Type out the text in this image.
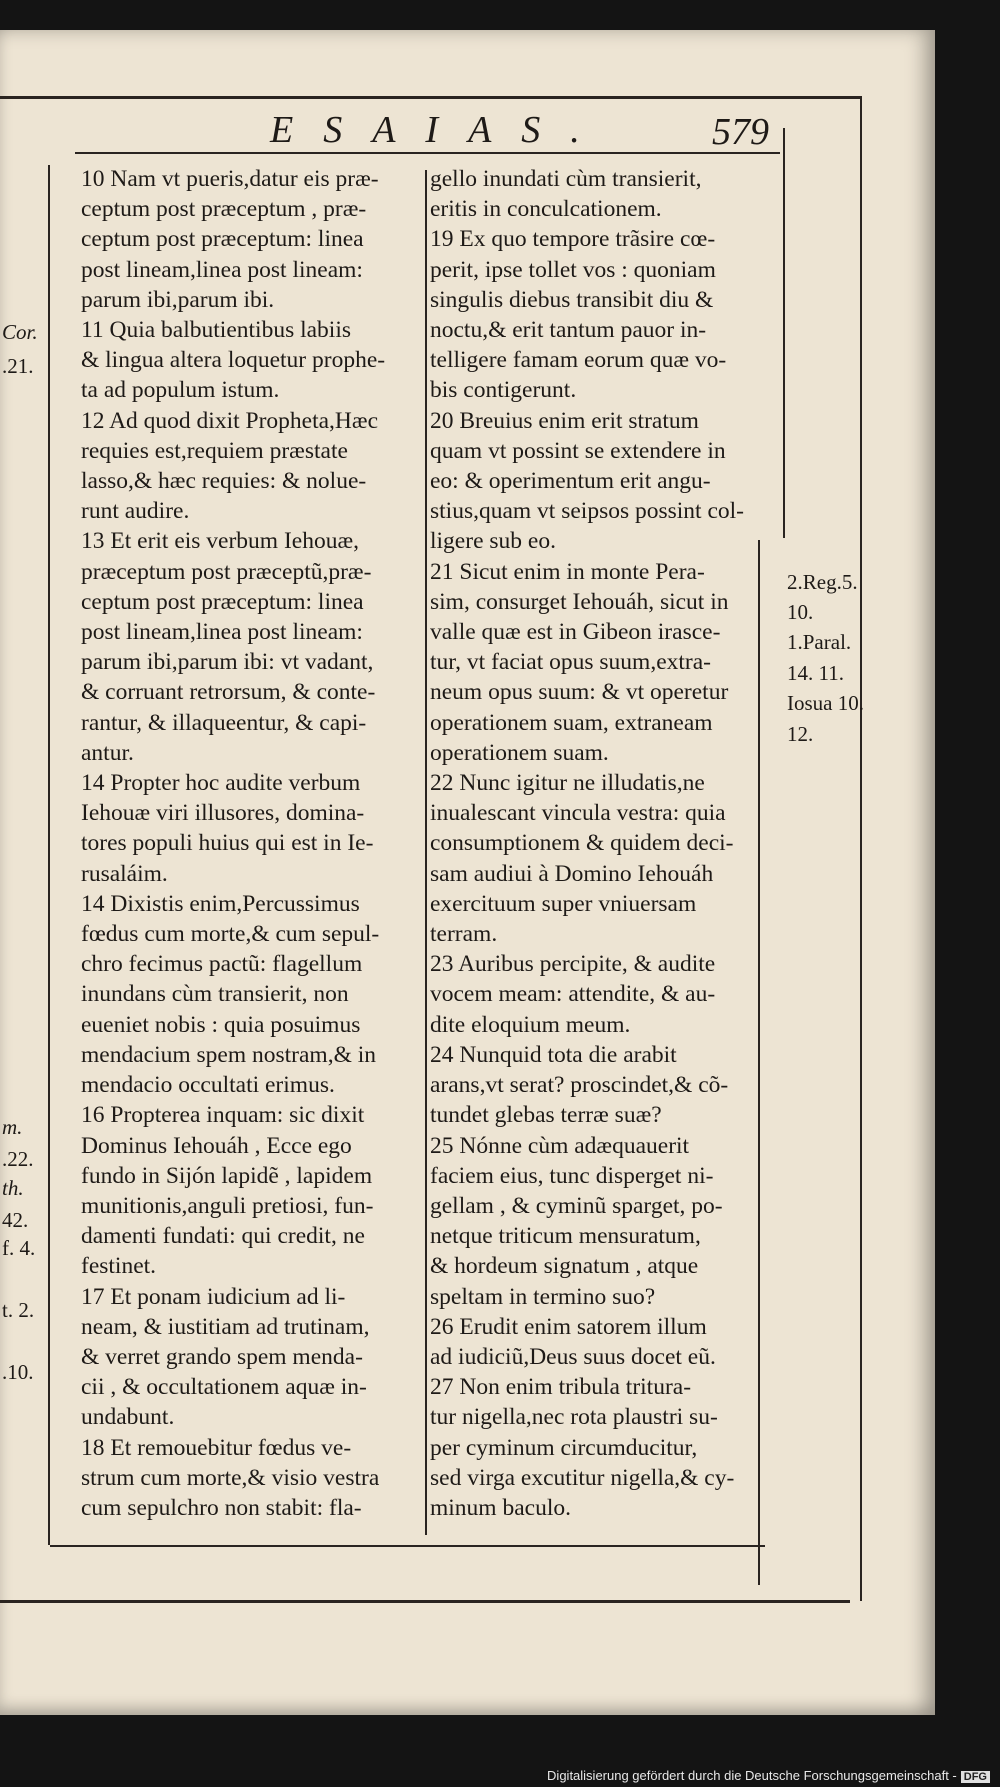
ESAIAS.	579
10 Nam vt pueris,datur eis præ-
ceptum post præceptum , præ-
ceptum post præceptum: linea
post lineam,linea post lineam:
parum ibi,parum ibi.
11 Quia balbutientibus labiis
& lingua altera loquetur prophe-
ta ad populum istum.
12 Ad quod dixit Propheta,Hæc
requies est,requiem præstate
lasso,& hæc requies: & nolue-
runt audire.
13 Et erit eis verbum Iehouæ,
præceptum post præceptũ,præ-
ceptum post præceptum: linea
post lineam,linea post lineam:
parum ibi,parum ibi: vt vadant,
& corruant retrorsum, & conte-
rantur, & illaqueentur, & capi-
antur.
14 Propter hoc audite verbum
Iehouæ viri illusores, domina-
tores populi huius qui est in Ie-
rusaláim.
14 Dixistis enim,Percussimus
fœdus cum morte,& cum sepul-
chro fecimus pactũ: flagellum
inundans cùm transierit, non
eueniet nobis : quia posuimus
mendacium spem nostram,& in
mendacio occultati erimus.
16 Propterea inquam: sic dixit
Dominus Iehouáh , Ecce ego
fundo in Sijón lapidẽ , lapidem
munitionis,anguli pretiosi, fun-
damenti fundati: qui credit, ne
festinet.
17 Et ponam iudicium ad li-
neam, & iustitiam ad trutinam,
& verret grando spem menda-
cii , & occultationem aquæ in-
undabunt.
18 Et remouebitur fœdus ve-
strum cum morte,& visio vestra
cum sepulchro non stabit: fla-
gello inundati cùm transierit,
eritis in conculcationem.
19 Ex quo tempore trãsire cœ-
perit, ipse tollet vos : quoniam
singulis diebus transibit diu &
noctu,& erit tantum pauor in-
telligere famam eorum quæ vo-
bis contigerunt.
20 Breuius enim erit stratum
quam vt possint se extendere in
eo: & operimentum erit angu-
stius,quam vt seipsos possint col-
ligere sub eo.
21 Sicut enim in monte Pera-
sim, consurget Iehouáh, sicut in
valle quæ est in Gibeon irasce-
tur, vt faciat opus suum,extra-
neum opus suum: & vt operetur
operationem suam, extraneam
operationem suam.
22 Nunc igitur ne illudatis,ne
inualescant vincula vestra: quia
consumptionem & quidem deci-
sam audiui à Domino Iehouáh
exercituum super vniuersam
terram.
23 Auribus percipite, & audite
vocem meam: attendite, & au-
dite eloquium meum.
24 Nunquid tota die arabit
arans,vt serat? proscindet,& cõ-
tundet glebas terræ suæ?
25 Nónne cùm adæquauerit
faciem eius, tunc disperget ni-
gellam , & cyminũ sparget, po-
netque triticum mensuratum,
& hordeum signatum , atque
speltam in termino suo?
26 Erudit enim satorem illum
ad iudiciũ,Deus suus docet eũ.
27 Non enim tribula tritura-
tur nigella,nec rota plaustri su-
per cyminum circumducitur,
sed virga excutitur nigella,& cy-
minum baculo.
Cor.
.21.
m.
.22.
th.
42.
f. 4.
t. 2.
.10.
2.Reg.5.
10.
1.Paral.
14. 11.
Iosua 10.
12.
Digitalisierung gefördert durch die Deutsche Forschungsgemeinschaft - DFG
